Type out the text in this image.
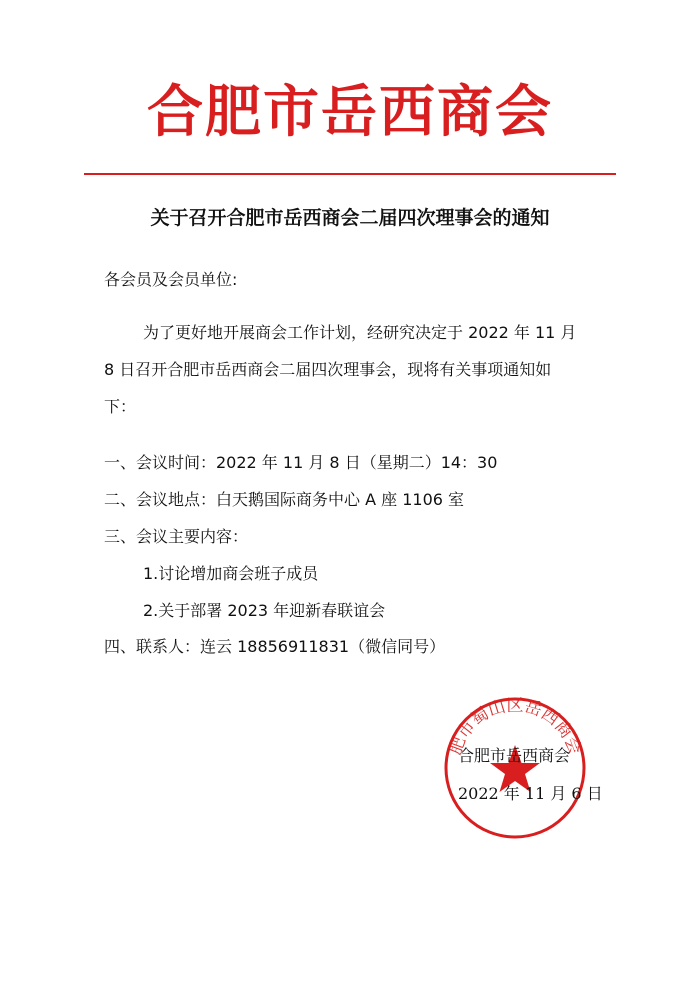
合肥市岳西商会
关于召开合肥市岳西商会二届四次理事会的通知
各会员及会员单位:
为了更好地开展商会工作计划，经研究决定于 2022 年 11 月
8 日召开合肥市岳西商会二届四次理事会，现将有关事项通知如
下：
一、会议时间：2022 年 11 月 8 日（星期二）14：30
二、会议地点：白天鹅国际商务中心 A 座 1106 室
三、会议主要内容：
1.讨论增加商会班子成员
2.关于部署 2023 年迎新春联谊会
四、联系人：连云 18856911831（微信同号）
肥市蜀山区岳西商会
合肥市岳西商会
2022 年 11 月 6 日
